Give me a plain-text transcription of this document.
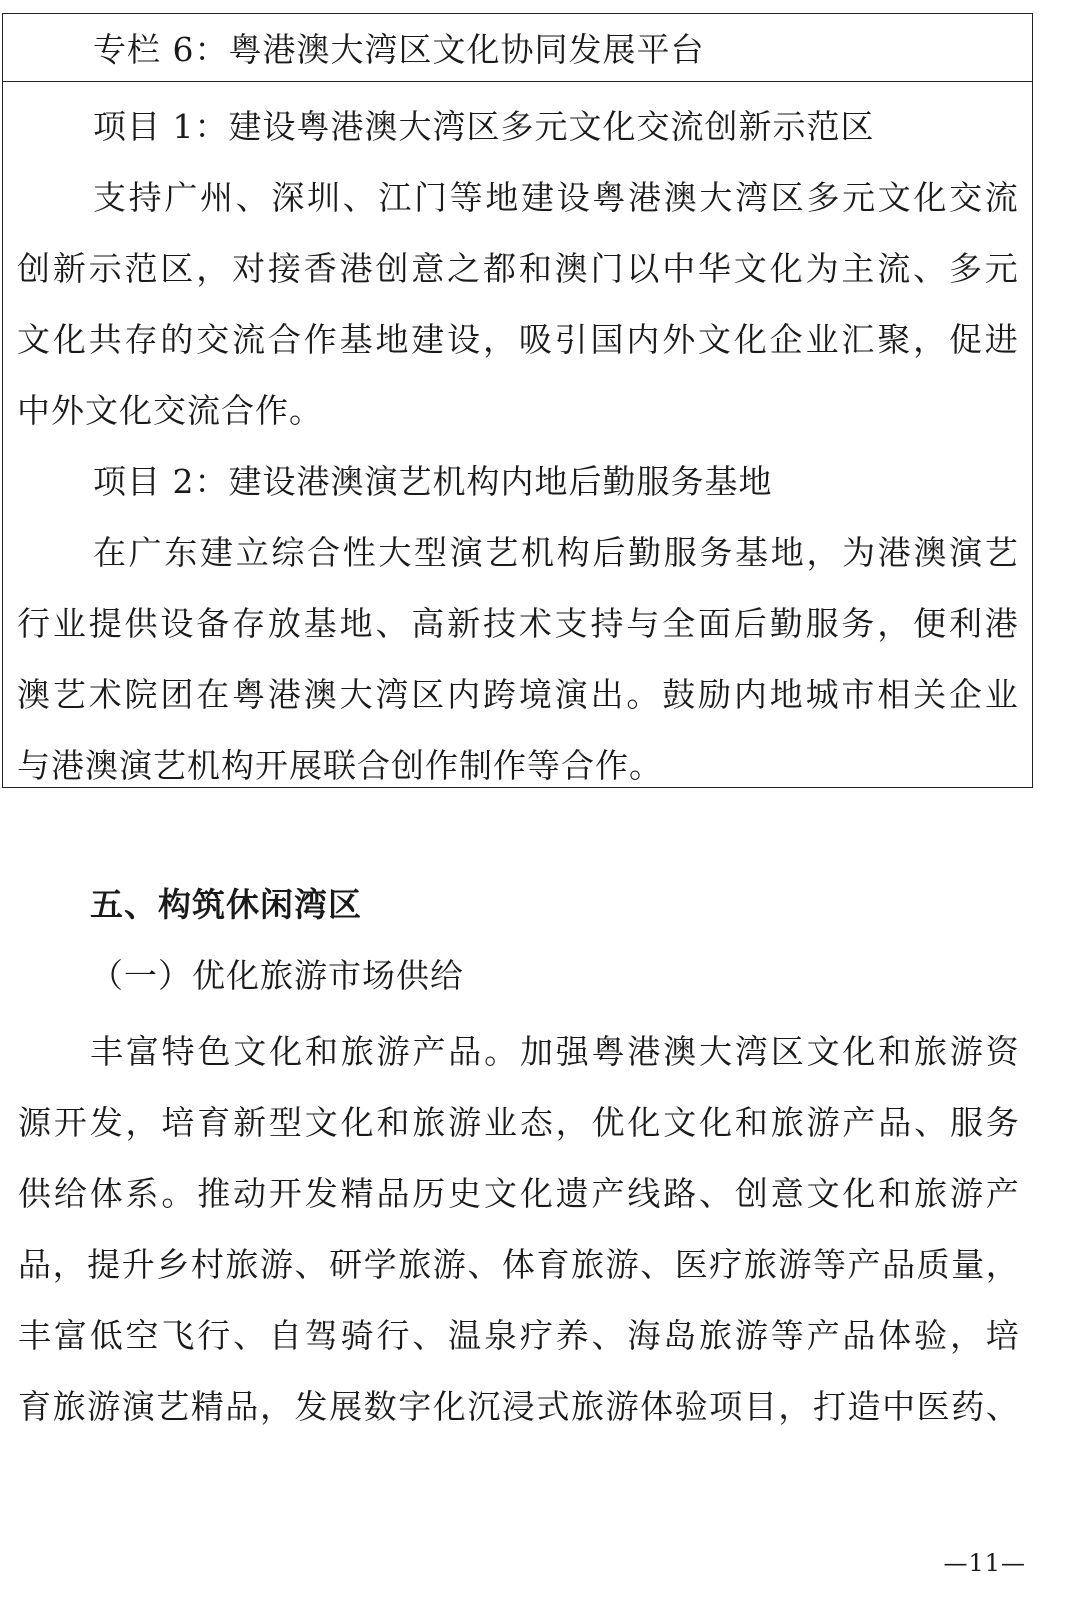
专栏 6：粤港澳大湾区文化协同发展平台
项目 1：建设粤港澳大湾区多元文化交流创新示范区
支 持 广 州 、 深 圳 、 江 门 等 地 建 设 粤 港 澳 大 湾 区 多 元 文 化 交 流
创 新 示 范 区 ， 对 接 香 港 创 意 之 都 和 澳 门 以 中 华 文 化 为 主 流 、 多 元
文 化 共 存 的 交 流 合 作 基 地 建 设 ， 吸 引 国 内 外 文 化 企 业 汇 聚 ， 促 进
中外文化交流合作。
项目 2：建设港澳演艺机构内地后勤服务基地
在 广 东 建 立 综 合 性 大 型 演 艺 机 构 后 勤 服 务 基 地 ， 为 港 澳 演 艺
行 业 提 供 设 备 存 放 基 地 、 高 新 技 术 支 持 与 全 面 后 勤 服 务 ， 便 利 港
澳 艺 术 院 团 在 粤 港 澳 大 湾 区 内 跨 境 演 出 。 鼓 励 内 地 城 市 相 关 企 业
与港澳演艺机构开展联合创作制作等合作。
五、构筑休闲湾区
（一）优化旅游市场供给
丰 富 特 色 文 化 和 旅 游 产 品 。 加 强 粤 港 澳 大 湾 区 文 化 和 旅 游 资
源 开 发 ， 培 育 新 型 文 化 和 旅 游 业 态 ， 优 化 文 化 和 旅 游 产 品 、 服 务
供 给 体 系 。 推 动 开 发 精 品 历 史 文 化 遗 产 线 路 、 创 意 文 化 和 旅 游 产
品 ， 提 升 乡 村 旅 游 、 研 学 旅 游 、 体 育 旅 游 、 医 疗 旅 游 等 产 品 质 量 ，
丰 富 低 空 飞 行 、 自 驾 骑 行 、 温 泉 疗 养 、 海 岛 旅 游 等 产 品 体 验 ， 培
育 旅 游 演 艺 精 品 ， 发 展 数 字 化 沉 浸 式 旅 游 体 验 项 目 ， 打 造 中 医 药 、
—11—
